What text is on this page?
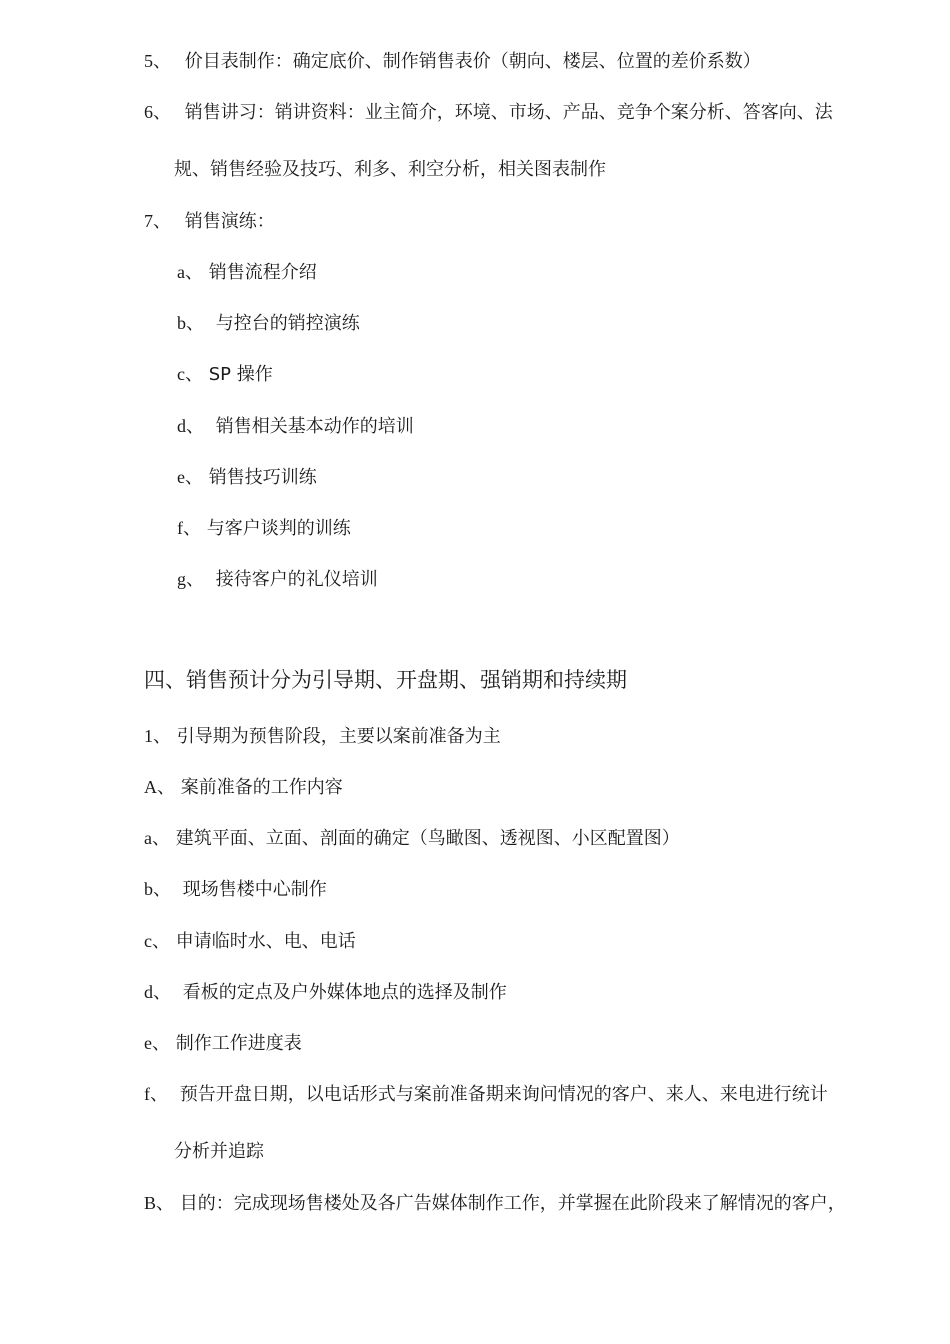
5、 价目表制作：确定底价、制作销售表价（朝向、楼层、位置的差价系数）
6、 销售讲习：销讲资料：业主简介，环境、市场、产品、竞争个案分析、答客向、法
规、销售经验及技巧、利多、利空分析，相关图表制作
7、 销售演练：
a、 销售流程介绍
b、 与控台的销控演练
c、 SP 操作
d、 销售相关基本动作的培训
e、 销售技巧训练
f、 与客户谈判的训练
g、 接待客户的礼仪培训
四、销售预计分为引导期、开盘期、强销期和持续期
1、 引导期为预售阶段，主要以案前准备为主
A、 案前准备的工作内容
a、 建筑平面、立面、剖面的确定（鸟瞰图、透视图、小区配置图）
b、 现场售楼中心制作
c、 申请临时水、电、电话
d、 看板的定点及户外媒体地点的选择及制作
e、 制作工作进度表
f、 预告开盘日期，以电话形式与案前准备期来询问情况的客户、来人、来电进行统计
分析并追踪
B、 目的：完成现场售楼处及各广告媒体制作工作，并掌握在此阶段来了解情况的客户，
